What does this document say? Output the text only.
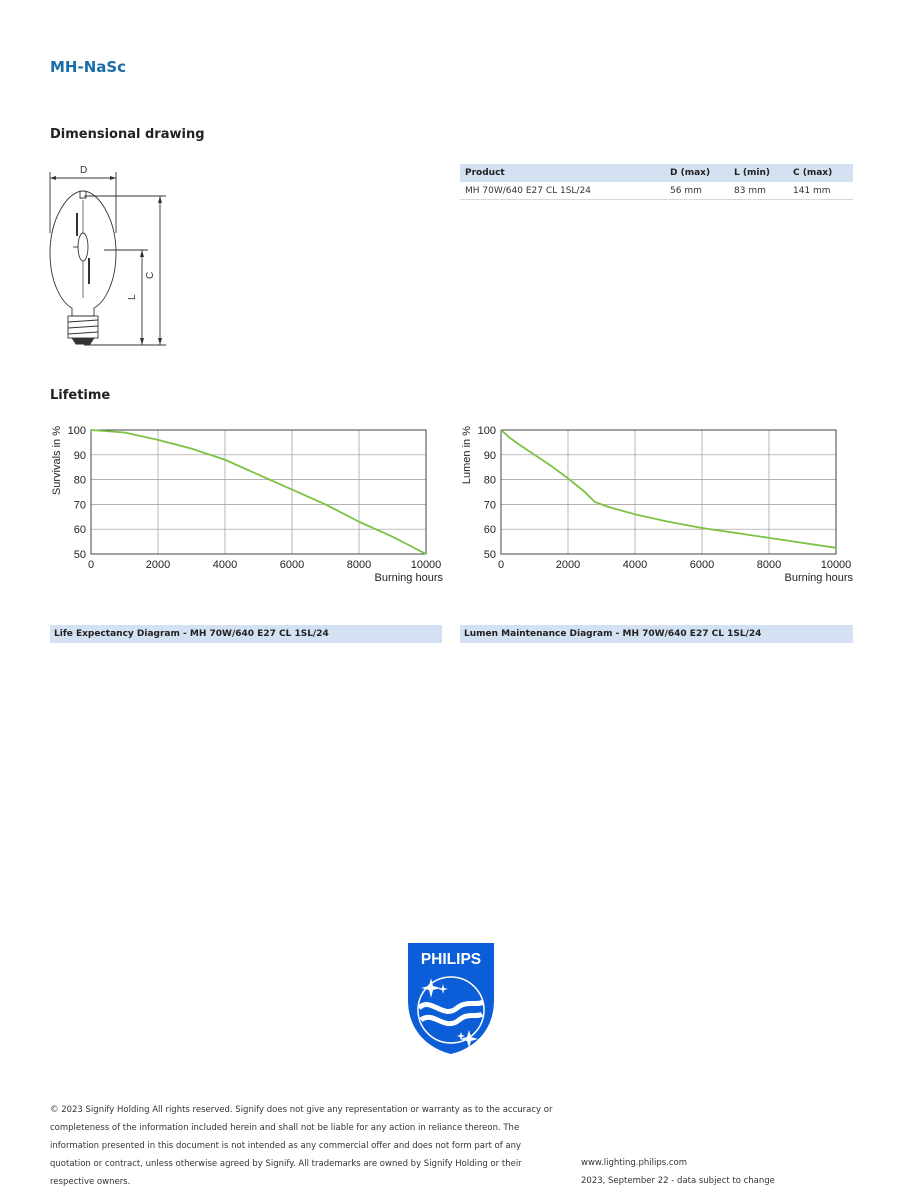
MH-NaSc
Dimensional drawing
D
L
C
Product	D (max)	L (min)	C (max)
MH 70W/640 E27 CL 1SL/24	56 mm	83 mm	141 mm
Lifetime
0	2000	4000	6000	8000	10000
50
60
70
80
90
100
Burning hours
Survivals in %
0	2000	4000	6000	8000	10000
50
60
70
80
90
100
Burning hours
Lumen in %
Life Expectancy Diagram - MH 70W/640 E27 CL 1SL/24	Lumen Maintenance Diagram - MH 70W/640 E27 CL 1SL/24
PHILIPS
© 2023 Signify Holding All rights reserved. Signify does not give any representation or warranty as to the accuracy or
completeness of the information included herein and shall not be liable for any action in reliance thereon. The
information presented in this document is not intended as any commercial offer and does not form part of any
quotation or contract, unless otherwise agreed by Signify. All trademarks are owned by Signify Holding or their
respective owners.
www.lighting.philips.com
2023, September 22 - data subject to change
